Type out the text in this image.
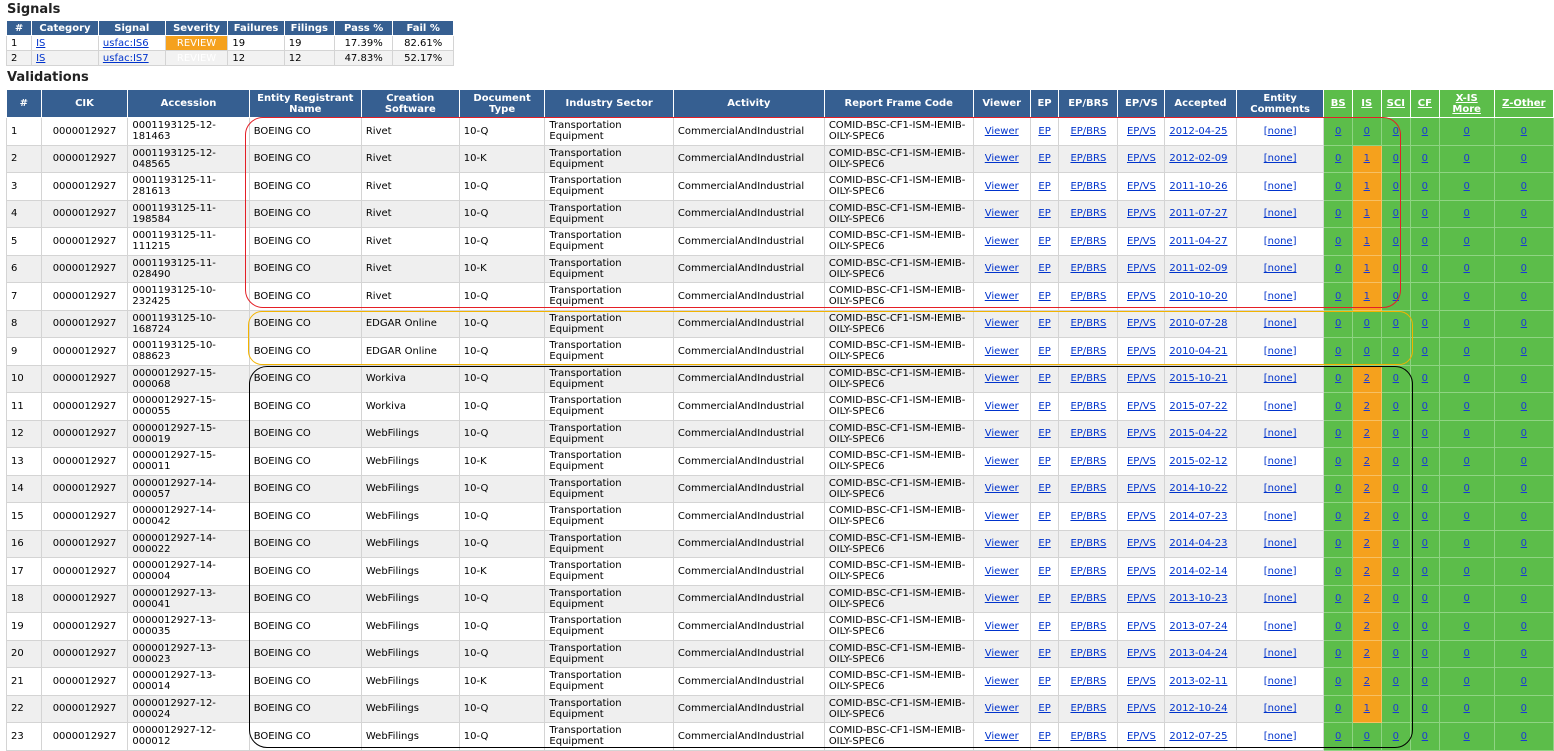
Signals
#	Category	Signal	Severity	Failures	Filings	Pass %	Fail %
1	IS	usfac:IS6	REVIEW	19	19	17.39%	82.61%
2	IS	usfac:IS7	REVIEW	12	12	47.83%	52.17%
Validations
#	CIK	Accession	Entity Registrant Name	Creation Software	Document Type	Industry Sector	Activity	Report Frame Code	Viewer	EP	EP/BRS	EP/VS	Accepted	Entity Comments	BS	IS	SCI	CF	X-IS More	Z-Other
1	0000012927	0001193125-12-181463	BOEING CO	Rivet	10-Q	Transportation Equipment	CommercialAndIndustrial	COMID-BSC-CF1-ISM-IEMIB-OILY-SPEC6	Viewer	EP	EP/BRS	EP/VS	2012-04-25	[none]	0	0	0	0	0	0
2	0000012927	0001193125-12-048565	BOEING CO	Rivet	10-K	Transportation Equipment	CommercialAndIndustrial	COMID-BSC-CF1-ISM-IEMIB-OILY-SPEC6	Viewer	EP	EP/BRS	EP/VS	2012-02-09	[none]	0	1	0	0	0	0
3	0000012927	0001193125-11-281613	BOEING CO	Rivet	10-Q	Transportation Equipment	CommercialAndIndustrial	COMID-BSC-CF1-ISM-IEMIB-OILY-SPEC6	Viewer	EP	EP/BRS	EP/VS	2011-10-26	[none]	0	1	0	0	0	0
4	0000012927	0001193125-11-198584	BOEING CO	Rivet	10-Q	Transportation Equipment	CommercialAndIndustrial	COMID-BSC-CF1-ISM-IEMIB-OILY-SPEC6	Viewer	EP	EP/BRS	EP/VS	2011-07-27	[none]	0	1	0	0	0	0
5	0000012927	0001193125-11-111215	BOEING CO	Rivet	10-Q	Transportation Equipment	CommercialAndIndustrial	COMID-BSC-CF1-ISM-IEMIB-OILY-SPEC6	Viewer	EP	EP/BRS	EP/VS	2011-04-27	[none]	0	1	0	0	0	0
6	0000012927	0001193125-11-028490	BOEING CO	Rivet	10-K	Transportation Equipment	CommercialAndIndustrial	COMID-BSC-CF1-ISM-IEMIB-OILY-SPEC6	Viewer	EP	EP/BRS	EP/VS	2011-02-09	[none]	0	1	0	0	0	0
7	0000012927	0001193125-10-232425	BOEING CO	Rivet	10-Q	Transportation Equipment	CommercialAndIndustrial	COMID-BSC-CF1-ISM-IEMIB-OILY-SPEC6	Viewer	EP	EP/BRS	EP/VS	2010-10-20	[none]	0	1	0	0	0	0
8	0000012927	0001193125-10-168724	BOEING CO	EDGAR Online	10-Q	Transportation Equipment	CommercialAndIndustrial	COMID-BSC-CF1-ISM-IEMIB-OILY-SPEC6	Viewer	EP	EP/BRS	EP/VS	2010-07-28	[none]	0	0	0	0	0	0
9	0000012927	0001193125-10-088623	BOEING CO	EDGAR Online	10-Q	Transportation Equipment	CommercialAndIndustrial	COMID-BSC-CF1-ISM-IEMIB-OILY-SPEC6	Viewer	EP	EP/BRS	EP/VS	2010-04-21	[none]	0	0	0	0	0	0
10	0000012927	0000012927-15-000068	BOEING CO	Workiva	10-Q	Transportation Equipment	CommercialAndIndustrial	COMID-BSC-CF1-ISM-IEMIB-OILY-SPEC6	Viewer	EP	EP/BRS	EP/VS	2015-10-21	[none]	0	2	0	0	0	0
11	0000012927	0000012927-15-000055	BOEING CO	Workiva	10-Q	Transportation Equipment	CommercialAndIndustrial	COMID-BSC-CF1-ISM-IEMIB-OILY-SPEC6	Viewer	EP	EP/BRS	EP/VS	2015-07-22	[none]	0	2	0	0	0	0
12	0000012927	0000012927-15-000019	BOEING CO	WebFilings	10-Q	Transportation Equipment	CommercialAndIndustrial	COMID-BSC-CF1-ISM-IEMIB-OILY-SPEC6	Viewer	EP	EP/BRS	EP/VS	2015-04-22	[none]	0	2	0	0	0	0
13	0000012927	0000012927-15-000011	BOEING CO	WebFilings	10-K	Transportation Equipment	CommercialAndIndustrial	COMID-BSC-CF1-ISM-IEMIB-OILY-SPEC6	Viewer	EP	EP/BRS	EP/VS	2015-02-12	[none]	0	2	0	0	0	0
14	0000012927	0000012927-14-000057	BOEING CO	WebFilings	10-Q	Transportation Equipment	CommercialAndIndustrial	COMID-BSC-CF1-ISM-IEMIB-OILY-SPEC6	Viewer	EP	EP/BRS	EP/VS	2014-10-22	[none]	0	2	0	0	0	0
15	0000012927	0000012927-14-000042	BOEING CO	WebFilings	10-Q	Transportation Equipment	CommercialAndIndustrial	COMID-BSC-CF1-ISM-IEMIB-OILY-SPEC6	Viewer	EP	EP/BRS	EP/VS	2014-07-23	[none]	0	2	0	0	0	0
16	0000012927	0000012927-14-000022	BOEING CO	WebFilings	10-Q	Transportation Equipment	CommercialAndIndustrial	COMID-BSC-CF1-ISM-IEMIB-OILY-SPEC6	Viewer	EP	EP/BRS	EP/VS	2014-04-23	[none]	0	2	0	0	0	0
17	0000012927	0000012927-14-000004	BOEING CO	WebFilings	10-K	Transportation Equipment	CommercialAndIndustrial	COMID-BSC-CF1-ISM-IEMIB-OILY-SPEC6	Viewer	EP	EP/BRS	EP/VS	2014-02-14	[none]	0	2	0	0	0	0
18	0000012927	0000012927-13-000041	BOEING CO	WebFilings	10-Q	Transportation Equipment	CommercialAndIndustrial	COMID-BSC-CF1-ISM-IEMIB-OILY-SPEC6	Viewer	EP	EP/BRS	EP/VS	2013-10-23	[none]	0	2	0	0	0	0
19	0000012927	0000012927-13-000035	BOEING CO	WebFilings	10-Q	Transportation Equipment	CommercialAndIndustrial	COMID-BSC-CF1-ISM-IEMIB-OILY-SPEC6	Viewer	EP	EP/BRS	EP/VS	2013-07-24	[none]	0	2	0	0	0	0
20	0000012927	0000012927-13-000023	BOEING CO	WebFilings	10-Q	Transportation Equipment	CommercialAndIndustrial	COMID-BSC-CF1-ISM-IEMIB-OILY-SPEC6	Viewer	EP	EP/BRS	EP/VS	2013-04-24	[none]	0	2	0	0	0	0
21	0000012927	0000012927-13-000014	BOEING CO	WebFilings	10-K	Transportation Equipment	CommercialAndIndustrial	COMID-BSC-CF1-ISM-IEMIB-OILY-SPEC6	Viewer	EP	EP/BRS	EP/VS	2013-02-11	[none]	0	2	0	0	0	0
22	0000012927	0000012927-12-000024	BOEING CO	WebFilings	10-Q	Transportation Equipment	CommercialAndIndustrial	COMID-BSC-CF1-ISM-IEMIB-OILY-SPEC6	Viewer	EP	EP/BRS	EP/VS	2012-10-24	[none]	0	1	0	0	0	0
23	0000012927	0000012927-12-000012	BOEING CO	WebFilings	10-Q	Transportation Equipment	CommercialAndIndustrial	COMID-BSC-CF1-ISM-IEMIB-OILY-SPEC6	Viewer	EP	EP/BRS	EP/VS	2012-07-25	[none]	0	0	0	0	0	0
